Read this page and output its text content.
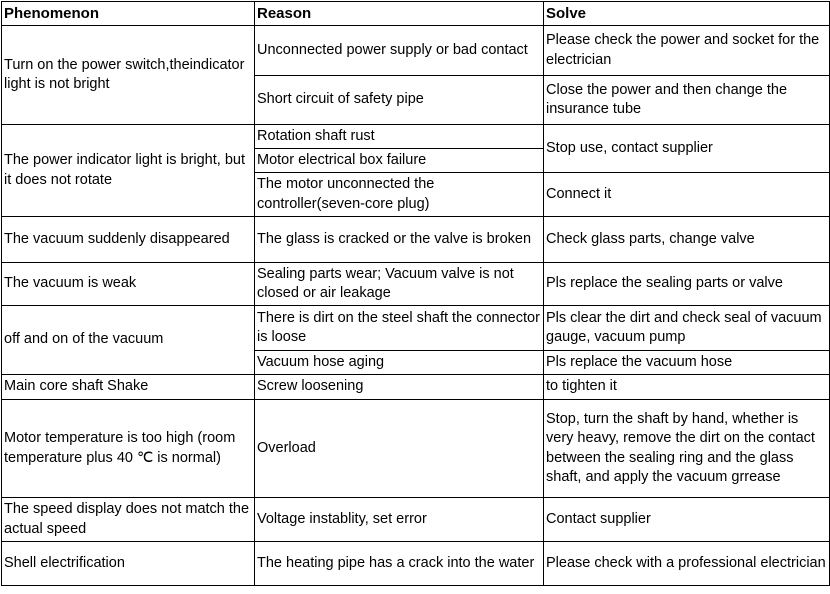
Phenomenon	Reason	Solve

Turn on the power switch,theindicator light is not bright	Unconnected power supply or bad contact	Please check the power and socket for the electrician

	Short circuit of safety pipe	Close the power and then change the insurance tube

The power indicator light is bright, but it does not rotate	Rotation shaft rust	Stop use, contact supplier

	Motor electrical box failure	

	The motor unconnected the controller(seven-core plug)	Connect it

The vacuum suddenly disappeared	The glass is cracked or the valve is broken	Check glass parts, change valve

The vacuum is weak	Sealing parts wear; Vacuum valve is not closed or air leakage	Pls replace the sealing parts or valve

off and on of the vacuum	There is dirt on the steel shaft the connector is loose	Pls clear the dirt and check seal of vacuum gauge, vacuum pump

	Vacuum hose aging	Pls replace the vacuum hose

Main core shaft Shake	Screw loosening	to tighten it

Motor temperature is too high (room temperature plus 40 ℃ is normal)	Overload	Stop, turn the shaft by hand, whether is very heavy, remove the dirt on the contact between the sealing ring and the glass shaft, and apply the vacuum grrease

The speed display does not match the actual speed	Voltage instablity, set error	Contact supplier

Shell electrification	The heating pipe has a crack into the water	Please check with a professional electrician
